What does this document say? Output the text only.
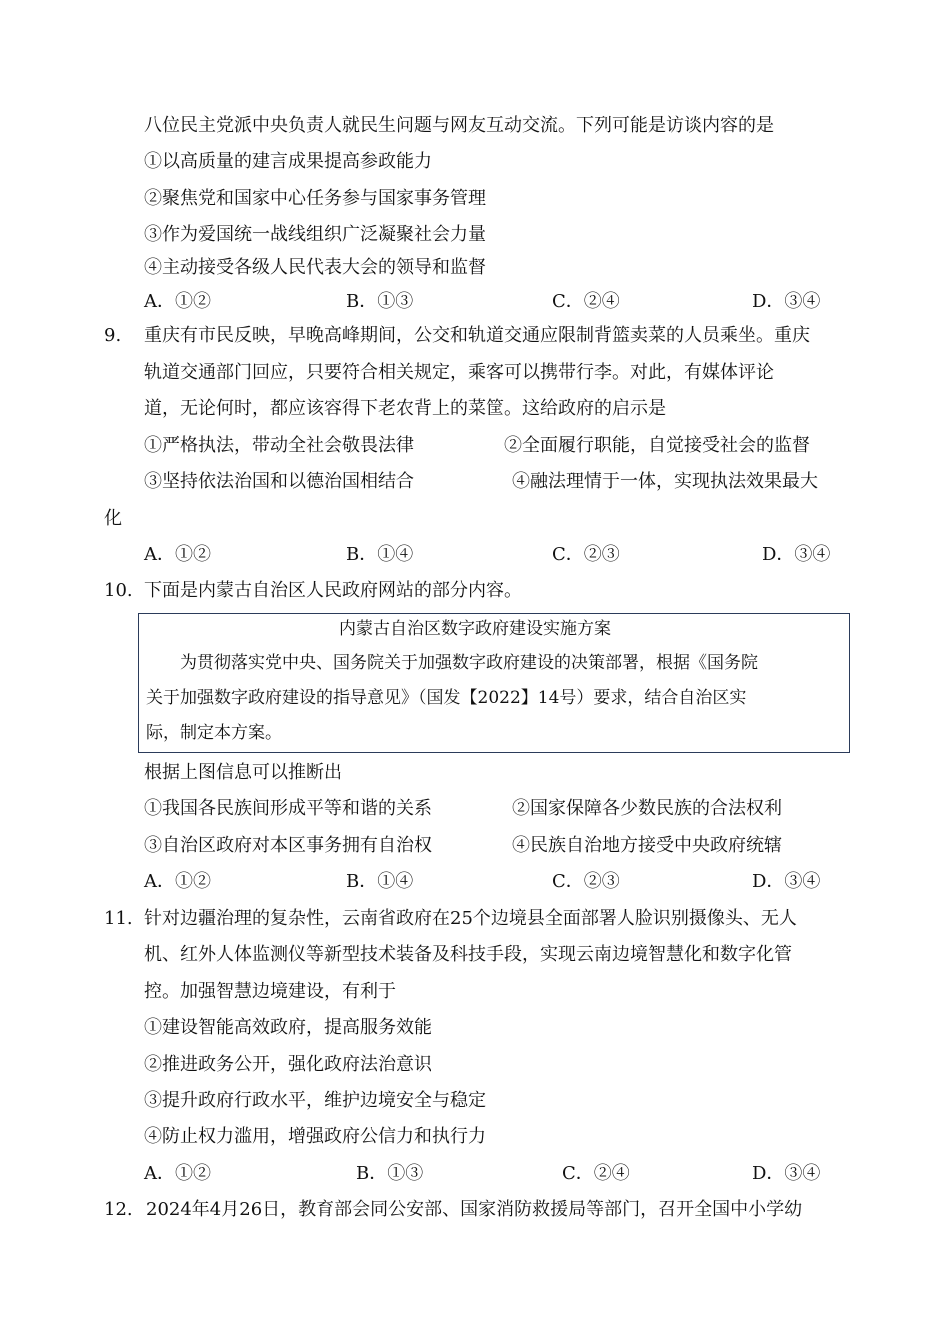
八位民主党派中央负责人就民生问题与网友互动交流。下列可能是访谈内容的是
①以高质量的建言成果提高参政能力
②聚焦党和国家中心任务参与国家事务管理
③作为爱国统一战线组织广泛凝聚社会力量
④主动接受各级人民代表大会的领导和监督
A．①②	B．①③	C．②④	D．③④
9. 重庆有市民反映，早晚高峰期间，公交和轨道交通应限制背篮卖菜的人员乘坐。重庆
轨道交通部门回应，只要符合相关规定，乘客可以携带行李。对此，有媒体评论
道，无论何时，都应该容得下老农背上的菜筐。这给政府的启示是
①严格执法，带动全社会敬畏法律	②全面履行职能，自觉接受社会的监督
③坚持依法治国和以德治国相结合	④融法理情于一体，实现执法效果最大
化
A．①②	B．①④	C．②③	D．③④
10. 下面是内蒙古自治区人民政府网站的部分内容。
内蒙古自治区数字政府建设实施方案
为贯彻落实党中央、国务院关于加强数字政府建设的决策部署，根据《国务院
关于加强数字政府建设的指导意见》（国发【2022】14号）要求，结合自治区实
际，制定本方案。
根据上图信息可以推断出
①我国各民族间形成平等和谐的关系	②国家保障各少数民族的合法权利
③自治区政府对本区事务拥有自治权	④民族自治地方接受中央政府统辖
A．①②	B．①④	C．②③	D．③④
11. 针对边疆治理的复杂性，云南省政府在25个边境县全面部署人脸识别摄像头、无人
机、红外人体监测仪等新型技术装备及科技手段，实现云南边境智慧化和数字化管
控。加强智慧边境建设，有利于
①建设智能高效政府，提高服务效能
②推进政务公开，强化政府法治意识
③提升政府行政水平，维护边境安全与稳定
④防止权力滥用，增强政府公信力和执行力
A．①②	B．①③	C．②④	D．③④
12. 2024年4月26日，教育部会同公安部、国家消防救援局等部门，召开全国中小学幼
